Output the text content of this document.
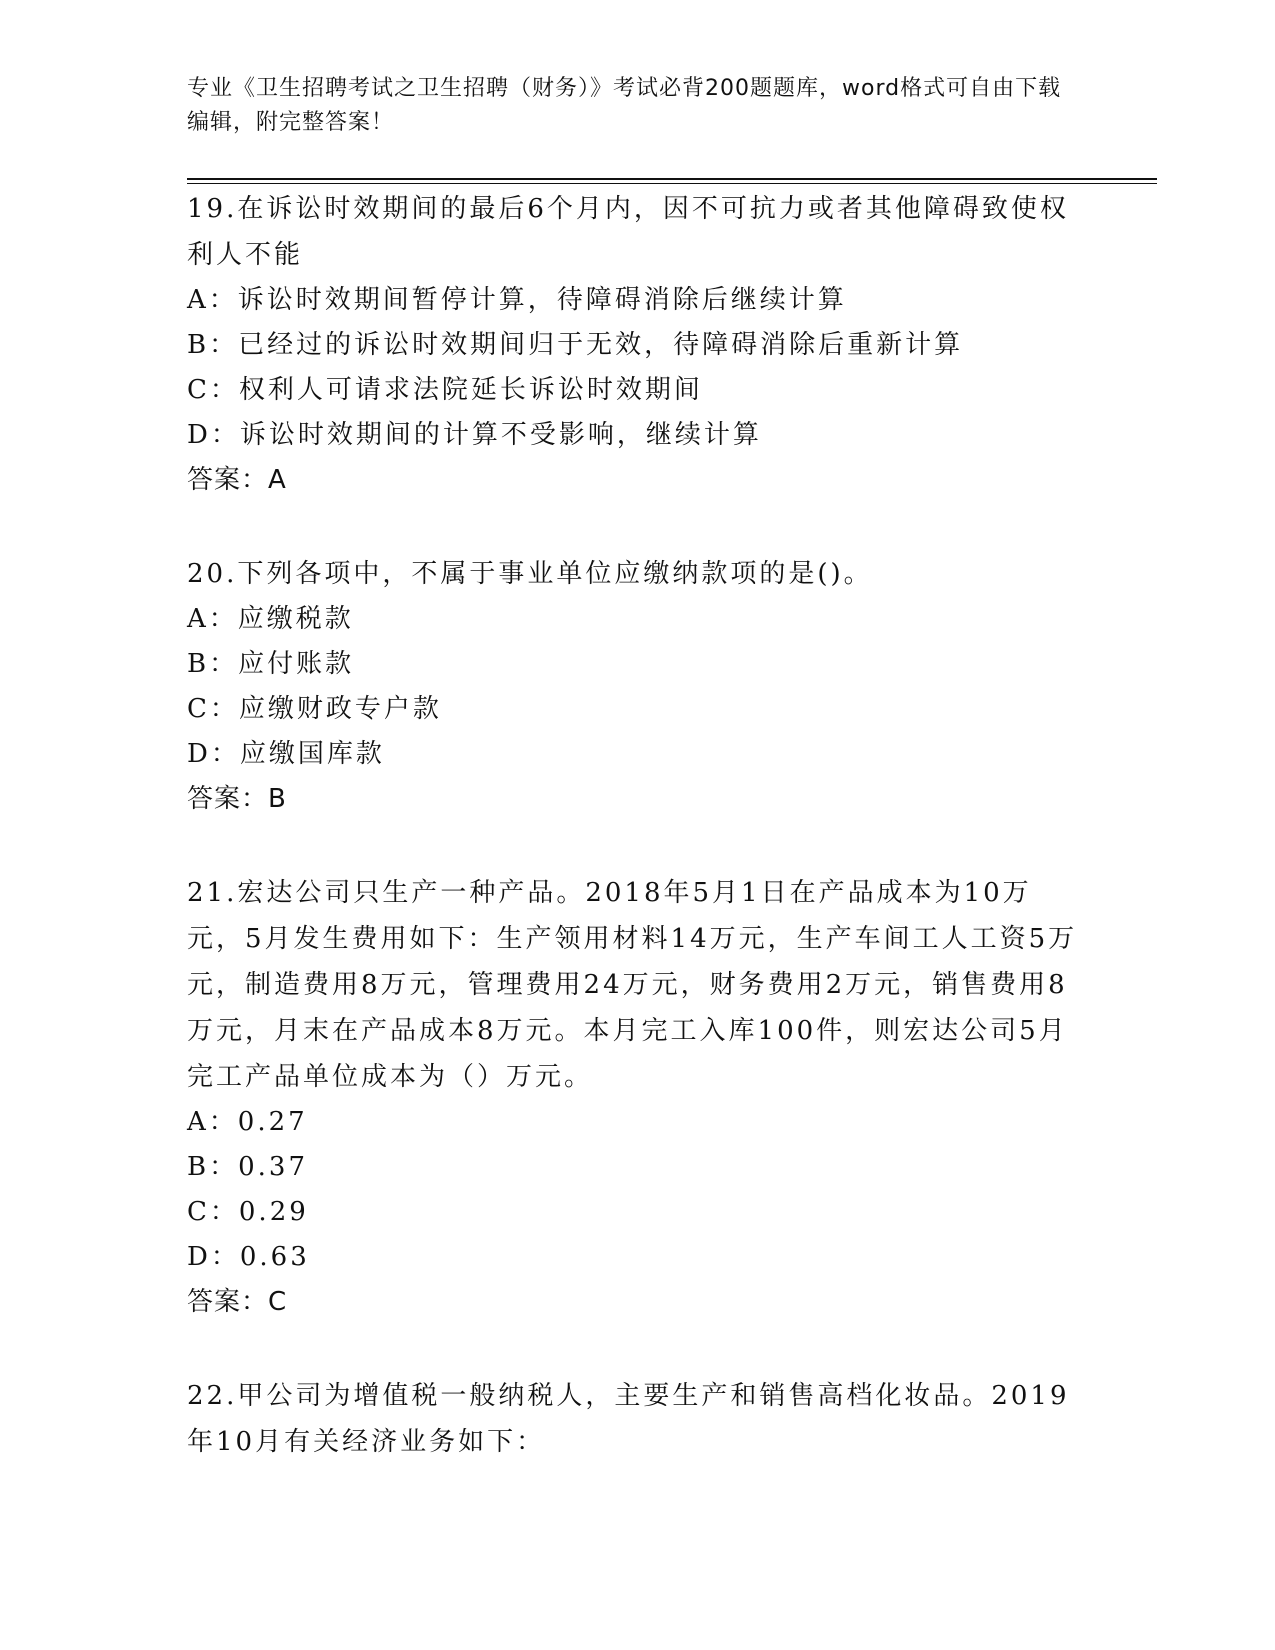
专业《卫生招聘考试之卫生招聘（财务）》考试必背200题题库，word格式可自由下载编辑，附完整答案！

19.在诉讼时效期间的最后6个月内，因不可抗力或者其他障碍致使权利人不能

A：诉讼时效期间暂停计算，待障碍消除后继续计算

B：已经过的诉讼时效期间归于无效，待障碍消除后重新计算

C：权利人可请求法院延长诉讼时效期间

D：诉讼时效期间的计算不受影响，继续计算

答案：A

20.下列各项中，不属于事业单位应缴纳款项的是()。

A：应缴税款

B：应付账款

C：应缴财政专户款

D：应缴国库款

答案：B

21.宏达公司只生产一种产品。2018年5月1日在产品成本为10万元，5月发生费用如下：生产领用材料14万元，生产车间工人工资5万元，制造费用8万元，管理费用24万元，财务费用2万元，销售费用8万元，月末在产品成本8万元。本月完工入库100件，则宏达公司5月完工产品单位成本为（）万元。

A：0.27

B：0.37

C：0.29

D：0.63

答案：C

22.甲公司为增值税一般纳税人，主要生产和销售高档化妆品。2019年10月有关经济业务如下：
